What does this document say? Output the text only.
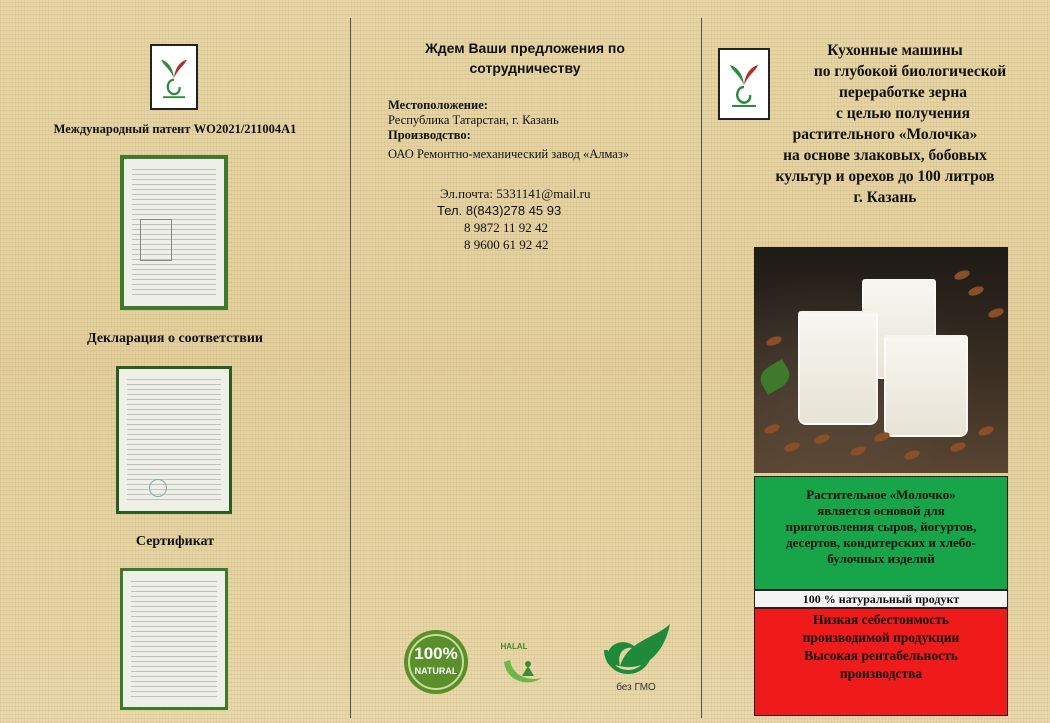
Международный патент WO2021/211004A1
Декларация о соответствии
Сертификат
Ждем Ваши предложения по сотрудничеству
Местоположение:
Республика Татарстан, г. Казань
Производство:
ОАО Ремонтно-механический завод «Алмаз»
Эл.почта: 5331141@mail.ru
Тел. 8(843)278 45 93
8 9872 11 92 42
8 9600 61 92 42
100%
NATURAL
HALAL
без ГМО
Кухонные машины
по глубокой биологической
переработке зерна
с целью получения
растительного «Молочка»
на основе злаковых, бобовых
культур и орехов до 100 литров
г. Казань
Растительное «Молочко»
является основой для
приготовления сыров, йогуртов,
десертов, кондитерских и хлебо-
булочных изделий
100 % натуральный продукт
Низкая себестоимость
производимой продукции
Высокая рентабельность
производства
